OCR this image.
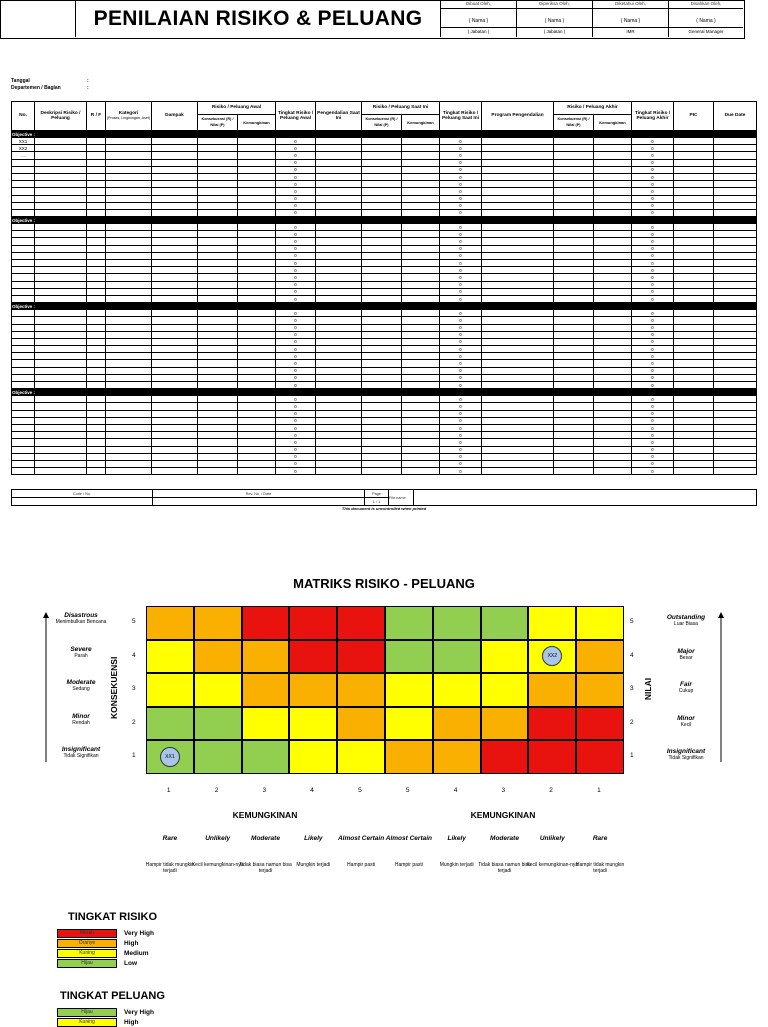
PENILAIAN RISIKO & PELUANG
Dibuat Oleh,
( Nama )
( Jabatan )
Diperiksa Oleh,
( Nama )
( Jabatan )
Diketahui Oleh,
( Nama )
IMR
Disahkan Oleh,
( Nama )
General Manager
Tanggal	:
Departemen / Bagian	:
No.	Deskripsi Risiko / Peluang	R / F	Kategori
(Proses, Lingkungan, Aset)	Dampak	Risiko / Peluang Awal		Tingkat Risiko / Peluang Awal	Pengendalian Saat Ini	Risiko / Peluang Saat Ini		Tingkat Risiko / Peluang Saat Ini	Program Pengendalian	Risiko / Peluang Akhir		Tingkat Risiko / Peluang Akhir	PIC	Due Date
					Konsekuensi (R) / Nilai (P)	Kemungkinan			Konsekuensi (R) / Nilai (P)	Kemungkinan			Konsekuensi (R) / Nilai (P)	Kemungkinan			
Objective :																	
XX1							0				0				0		
XX2							0				0				0		
...							0				0				0		
							0				0				0		
							0				0				0		
							0				0				0		
							0				0				0		
							0				0				0		
							0				0				0		
							0				0				0		
							0				0				0		
Objective :																	
							0				0				0		
							0				0				0		
							0				0				0		
							0				0				0		
							0				0				0		
							0				0				0		
							0				0				0		
							0				0				0		
							0				0				0		
							0				0				0		
							0				0				0		
Objective :																	
							0				0				0		
							0				0				0		
							0				0				0		
							0				0				0		
							0				0				0		
							0				0				0		
							0				0				0		
							0				0				0		
							0				0				0		
							0				0				0		
							0				0				0		
Objective :																	
							0				0				0		
							0				0				0		
							0				0				0		
							0				0				0		
							0				0				0		
							0				0				0		
							0				0				0		
							0				0				0		
							0				0				0		
							0				0				0		
							0				0				0		
Code / No.	Rev. No. / Date	Page	File name	
		1 / 1		
This document is uncontrolled when printed
MATRIKS RISIKO - PELUANG
XX1
XX2
5
Disastrous
Menimbulkan Bencana
4
Severe
Parah
3
Moderate
Sedang
2
Minor
Rendah
1
Insignificant
Tidak Signifikan
5
Outstanding
Luar Biasa
4
Major
Besar
3
Fair
Cukup
2
Minor
Kecil
1
Insignificant
Tidak Signifikan
1
Rare
Hampir tidak mungkin terjadi
2
Unlikely
Kecil kemungkinan-nya
3
Moderate
Tidak biasa namun bisa terjadi
4
Likely
Mungkin terjadi
5
Almost Certain
Hampir pasti
5
Almost Certain
Hampir pasti
4
Likely
Mungkin terjadi
3
Moderate
Tidak biasa namun bisa terjadi
2
Unlikely
Kecil kemungkinan-nya
1
Rare
Hampir tidak mungkin terjadi
KONSEKUENSI	NILAI
KEMUNGKINAN	KEMUNGKINAN
TINGKAT RISIKO
Merah	Very High
Oranye	High
Kuning	Medium
Hijau	Low
TINGKAT PELUANG
Hijau	Very High
Kuning	High
